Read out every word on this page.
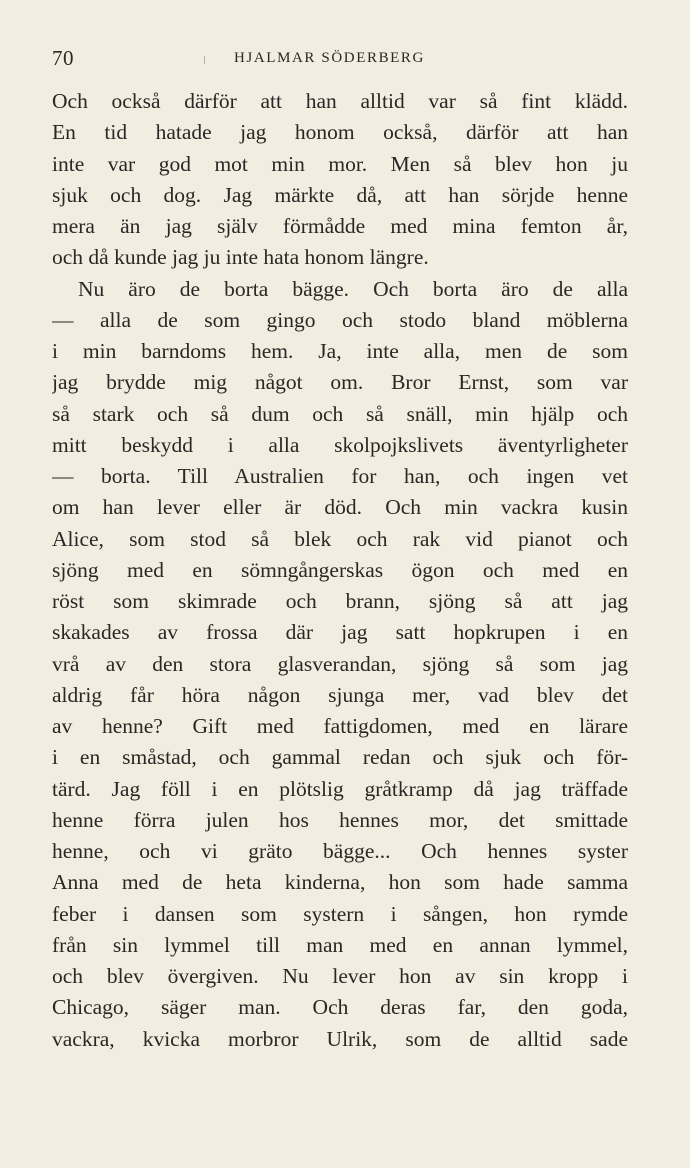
70	HJALMAR SÖDERBERG
Och också därför att han alltid var så fint klädd.
En tid hatade jag honom också, därför att han
inte var god mot min mor. Men så blev hon ju
sjuk och dog. Jag märkte då, att han sörjde henne
mera än jag själv förmådde med mina femton år,
och då kunde jag ju inte hata honom längre.
Nu äro de borta bägge. Och borta äro de alla
— alla de som gingo och stodo bland möblerna
i min barndoms hem. Ja, inte alla, men de som
jag brydde mig något om. Bror Ernst, som var
så stark och så dum och så snäll, min hjälp och
mitt beskydd i alla skolpojkslivets äventyrligheter
— borta. Till Australien for han, och ingen vet
om han lever eller är död. Och min vackra kusin
Alice, som stod så blek och rak vid pianot och
sjöng med en sömngångerskas ögon och med en
röst som skimrade och brann, sjöng så att jag
skakades av frossa där jag satt hopkrupen i en
vrå av den stora glasverandan, sjöng så som jag
aldrig får höra någon sjunga mer, vad blev det
av henne? Gift med fattigdomen, med en lärare
i en småstad, och gammal redan och sjuk och för-
tärd. Jag föll i en plötslig gråtkramp då jag träffade
henne förra julen hos hennes mor, det smittade
henne, och vi gräto bägge... Och hennes syster
Anna med de heta kinderna, hon som hade samma
feber i dansen som systern i sången, hon rymde
från sin lymmel till man med en annan lymmel,
och blev övergiven. Nu lever hon av sin kropp i
Chicago, säger man. Och deras far, den goda,
vackra, kvicka morbror Ulrik, som de alltid sade
